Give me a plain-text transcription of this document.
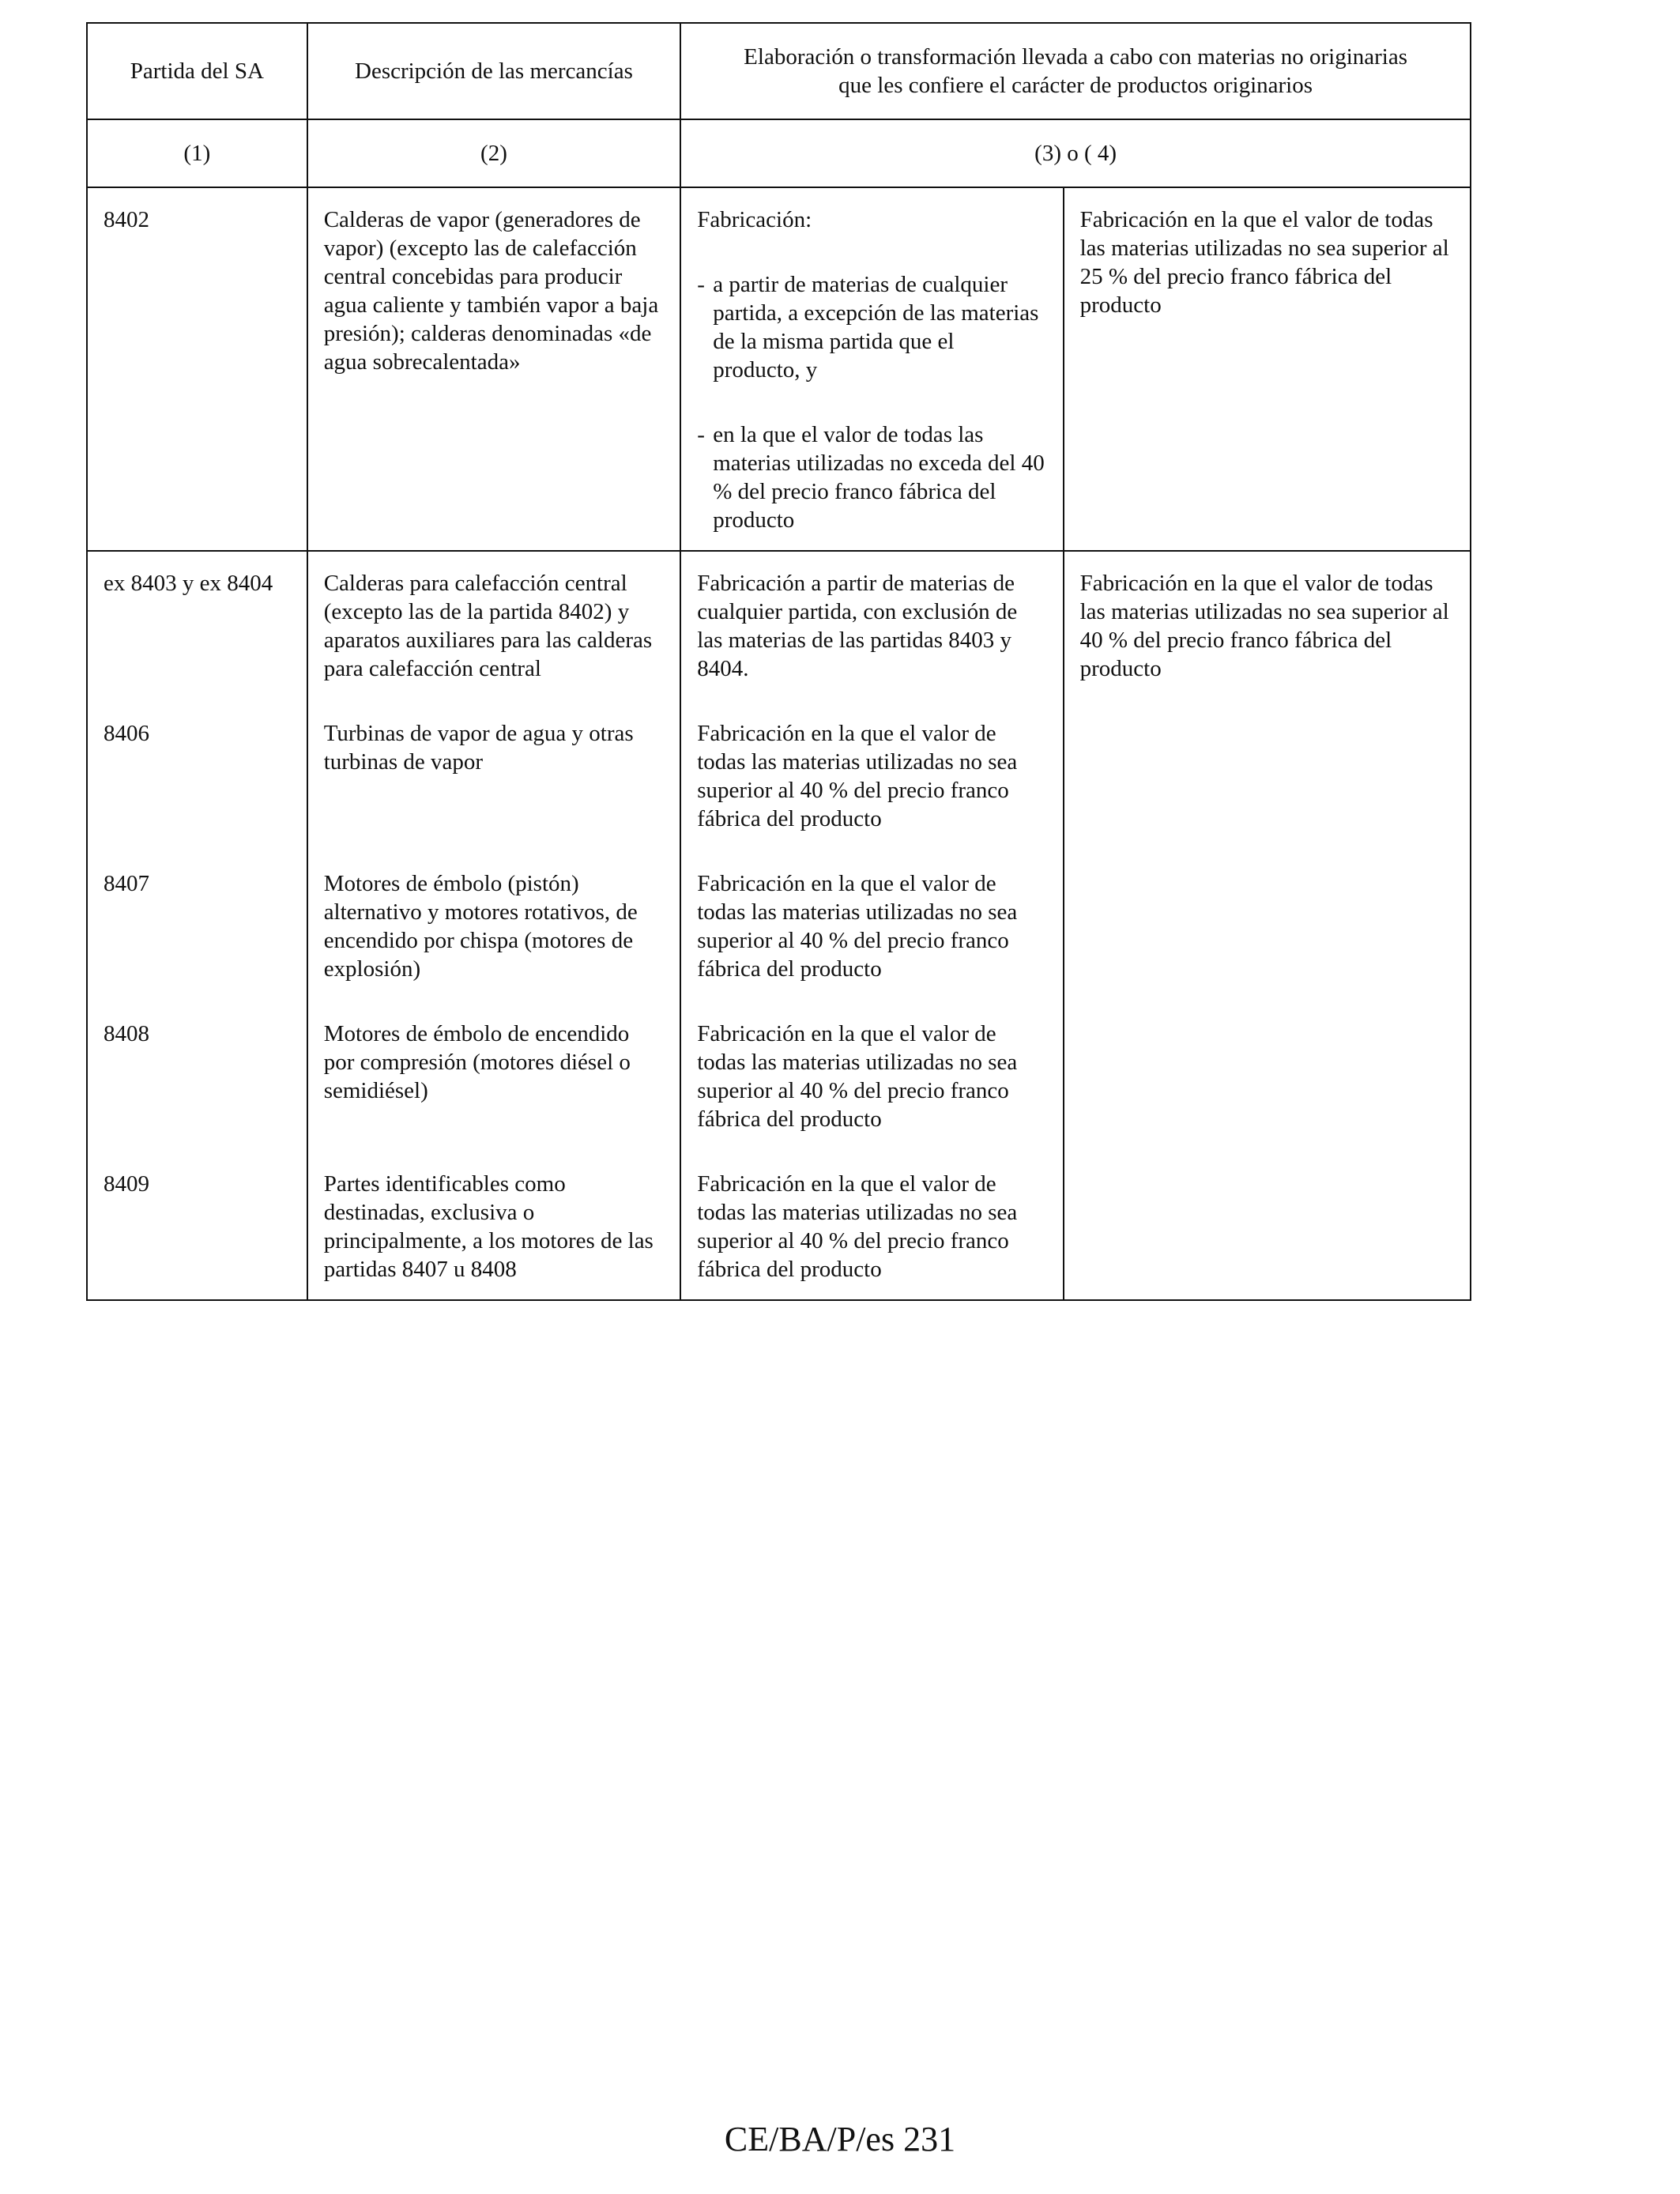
Partida del SA	Descripción de las mercancías	Elaboración o transformación llevada a cabo con materias no originarias
que les confiere el carácter de productos originarios	
(1)	(2)	(3) o ( 4)	
8402	Calderas de vapor (generadores de vapor) (excepto las de calefacción central concebidas para producir agua caliente y también vapor a baja presión); calderas denominadas «de agua sobrecalentada»	Fabricación:

- a partir de materias de cualquier partida, a excepción de las materias de la misma partida que el producto, y
- en la que el valor de todas las materias utilizadas no exceda del 40 % del precio franco fábrica del producto	Fabricación en la que el valor de todas las materias utilizadas no sea superior al 25 % del precio franco fábrica del producto
ex 8403 y ex 8404	Calderas para calefacción central (excepto las de la partida 8402) y aparatos auxiliares para las calderas para calefacción central	Fabricación a partir de materias de cualquier partida, con exclusión de las materias de las partidas 8403 y 8404.	Fabricación en la que el valor de todas las materias utilizadas no sea superior al 40 % del precio franco fábrica del producto
8406	Turbinas de vapor de agua y otras turbinas de vapor	Fabricación en la que el valor de todas las materias utilizadas no sea superior al 40 % del precio franco fábrica del producto	
8407	Motores de émbolo (pistón) alternativo y motores rotativos, de encendido por chispa (motores de explosión)	Fabricación en la que el valor de todas las materias utilizadas no sea superior al 40 % del precio franco fábrica del producto	
8408	Motores de émbolo de encendido por compresión (motores diésel o semidiésel)	Fabricación en la que el valor de todas las materias utilizadas no sea superior al 40 % del precio franco fábrica del producto	
8409	Partes identificables como destinadas, exclusiva o principalmente, a los motores de las partidas 8407 u 8408	Fabricación en la que el valor de todas las materias utilizadas no sea superior al 40 % del precio franco fábrica del producto	
CE/BA/P/es 231
